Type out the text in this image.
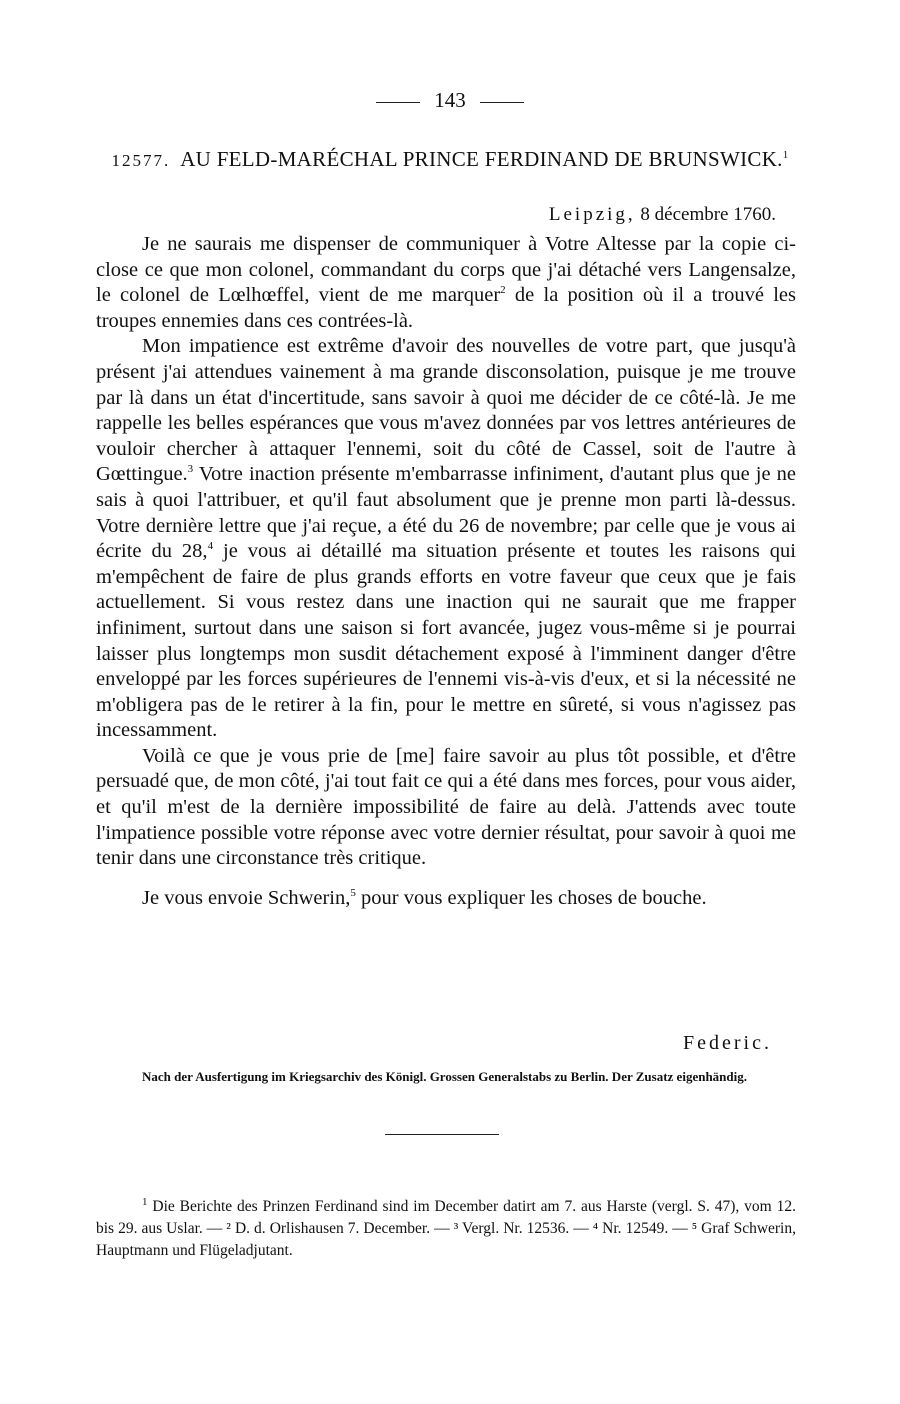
143
12577. AU FELD-MARÉCHAL PRINCE FERDINAND DE BRUNSWICK.$^1$
Leipzig, 8 décembre 1760.

Je ne saurais me dispenser de communiquer à Votre Altesse par la copie ci-close ce que mon colonel, commandant du corps que j'ai détaché vers Langensalze, le colonel de Lœlhœffel, vient de me marquer$^2$ de la position où il a trouvé les troupes ennemies dans ces contrées-là.

Mon impatience est extrême d'avoir des nouvelles de votre part, que jusqu'à présent j'ai attendues vainement à ma grande disconsolation, puisque je me trouve par là dans un état d'incertitude, sans savoir à quoi me décider de ce côté-là. Je me rappelle les belles espérances que vous m'avez données par vos lettres antérieures de vouloir chercher à attaquer l'ennemi, soit du côté de Cassel, soit de l'autre à Gœttingue.$^3$ Votre inaction présente m'embarrasse infiniment, d'autant plus que je ne sais à quoi l'attribuer, et qu'il faut absolument que je prenne mon parti là-dessus. Votre dernière lettre que j'ai reçue, a été du 26 de novembre; par celle que je vous ai écrite du 28,$^4$ je vous ai détaillé ma situation présente et toutes les raisons qui m'empêchent de faire de plus grands efforts en votre faveur que ceux que je fais actuellement. Si vous restez dans une inaction qui ne saurait que me frapper infiniment, surtout dans une saison si fort avancée, jugez vous-même si je pourrai laisser plus longtemps mon susdit détachement exposé à l'imminent danger d'être enveloppé par les forces supérieures de l'ennemi vis-à-vis d'eux, et si la nécessité ne m'obligera pas de le retirer à la fin, pour le mettre en sûreté, si vous n'agissez pas incessamment.

Voilà ce que je vous prie de [me] faire savoir au plus tôt possible, et d'être persuadé que, de mon côté, j'ai tout fait ce qui a été dans mes forces, pour vous aider, et qu'il m'est de la dernière impossibilité de faire au delà. J'attends avec toute l'impatience possible votre réponse avec votre dernier résultat, pour savoir à quoi me tenir dans une circonstance très critique.

Je vous envoie Schwerin,$^5$ pour vous expliquer les choses de bouche.

Federic.
Nach der Ausfertigung im Kriegsarchiv des Königl. Grossen Generalstabs zu Berlin. Der Zusatz eigenhändig.
$^1$ Die Berichte des Prinzen Ferdinand sind im December datirt am 7. aus Harste (vergl. S. 47), vom 12. bis 29. aus Uslar. — ² D. d. Orlishausen 7. December. — ³ Vergl. Nr. 12536. — ⁴ Nr. 12549. — ⁵ Graf Schwerin, Hauptmann und Flügeladjutant.
